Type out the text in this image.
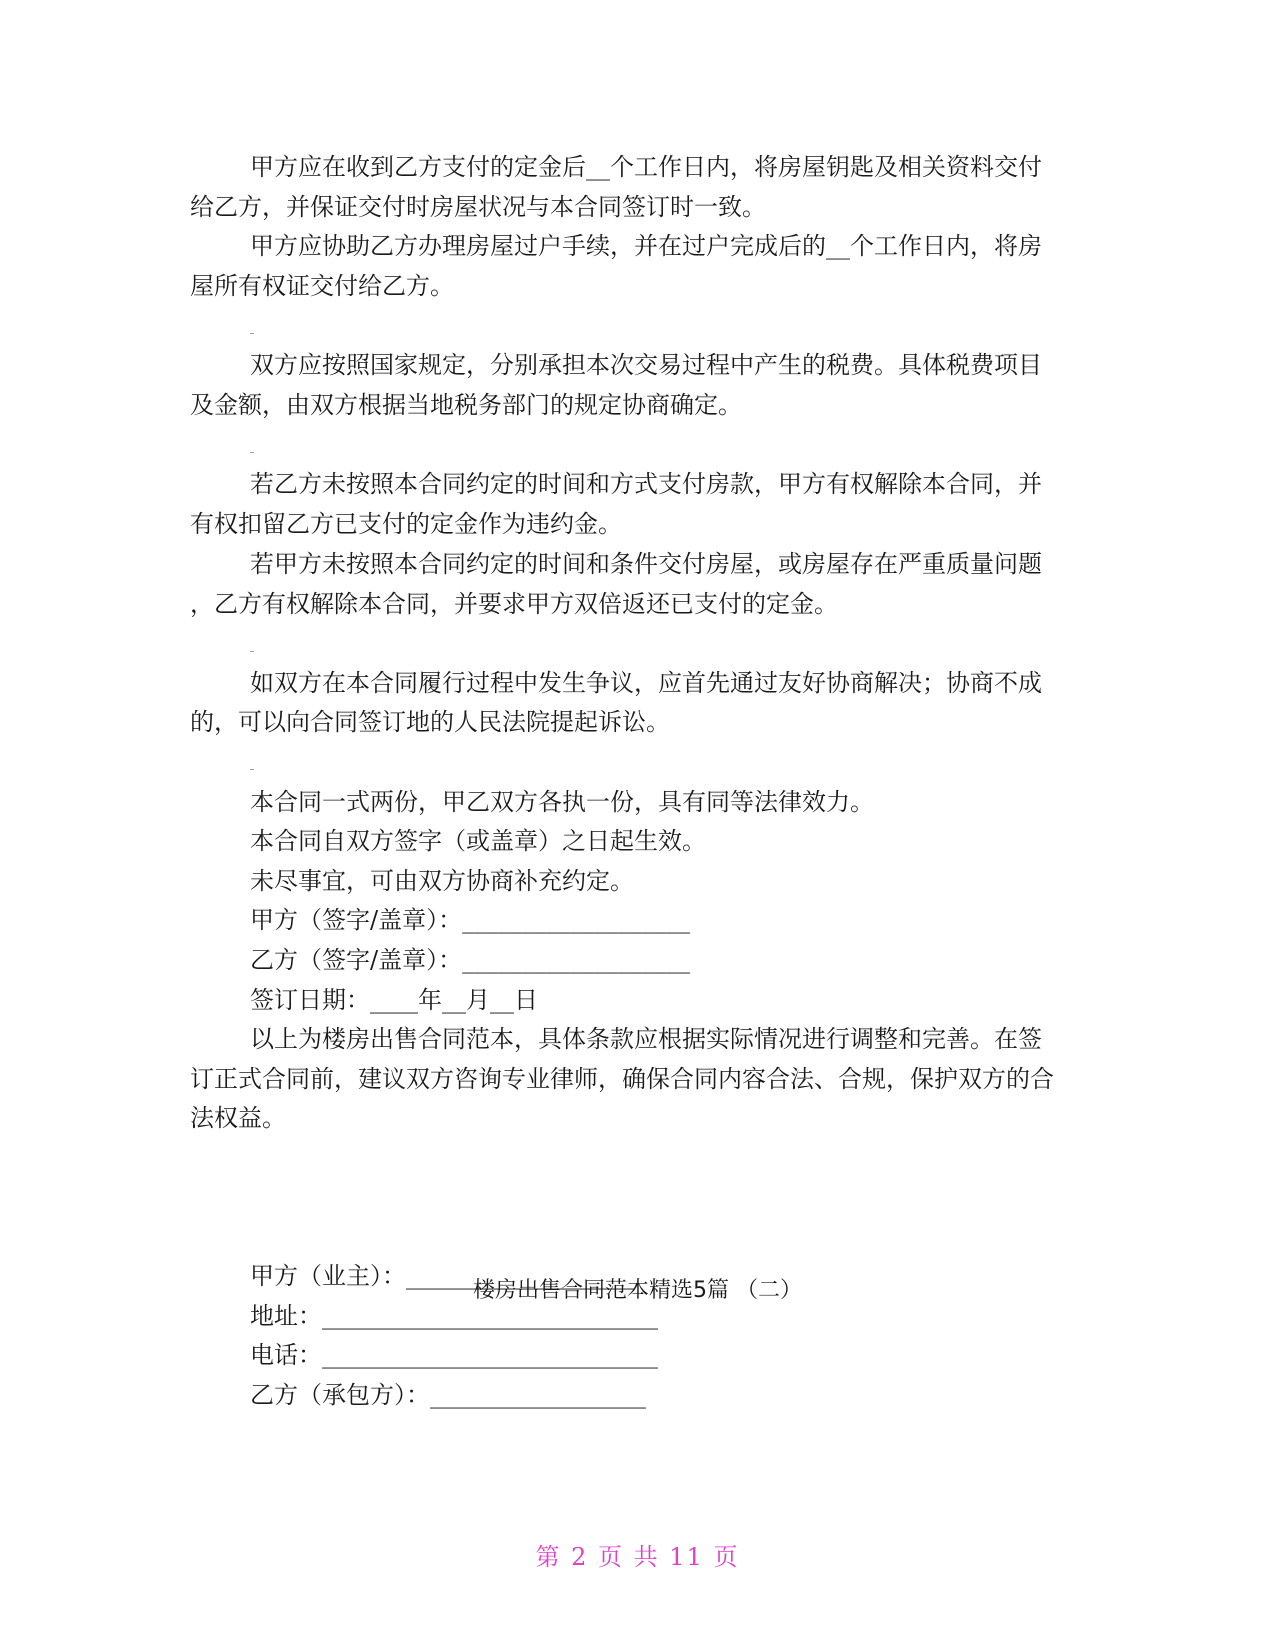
甲方应在收到乙方支付的定金后__个工作日内，将房屋钥匙及相关资料交付
给乙方，并保证交付时房屋状况与本合同签订时一致。
甲方应协助乙方办理房屋过户手续，并在过户完成后的__个工作日内，将房
屋所有权证交付给乙方。
双方应按照国家规定，分别承担本次交易过程中产生的税费。具体税费项目
及金额，由双方根据当地税务部门的规定协商确定。
若乙方未按照本合同约定的时间和方式支付房款，甲方有权解除本合同，并
有权扣留乙方已支付的定金作为违约金。
若甲方未按照本合同约定的时间和条件交付房屋，或房屋存在严重质量问题
，乙方有权解除本合同，并要求甲方双倍返还已支付的定金。
如双方在本合同履行过程中发生争议，应首先通过友好协商解决；协商不成
的，可以向合同签订地的人民法院提起诉讼。
本合同一式两份，甲乙双方各执一份，具有同等法律效力。
本合同自双方签字（或盖章）之日起生效。
未尽事宜，可由双方协商补充约定。
甲方（签字/盖章）：___________________
乙方（签字/盖章）：___________________
签订日期：____年__月__日
以上为楼房出售合同范本，具体条款应根据实际情况进行调整和完善。在签
订正式合同前，建议双方咨询专业律师，确保合同内容合法、合规，保护双方的合
法权益。
楼房出售合同范本精选5篇 （二）
甲方（业主）：___________________
地址：____________________________
电话：____________________________
乙方（承包方）：__________________
第 2 页 共 11 页
